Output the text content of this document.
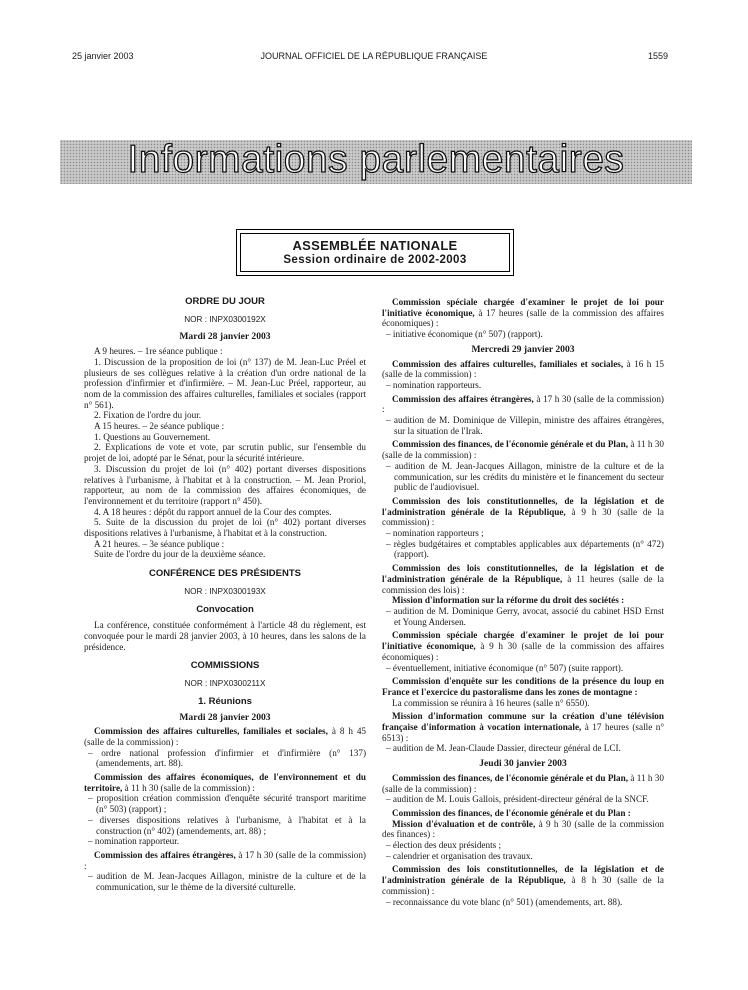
25 janvier 2003	JOURNAL OFFICIEL DE LA RÉPUBLIQUE FRANÇAISE	1559
Informations parlementaires
ASSEMBLÉE NATIONALE
Session ordinaire de 2002-2003
ORDRE DU JOUR
NOR : INPX0300192X
Mardi 28 janvier 2003

A 9 heures. – 1re séance publique :

1. Discussion de la proposition de loi (n° 137) de M. Jean-Luc Préel et plusieurs de ses collègues relative à la création d'un ordre national de la profession d'infirmier et d'infirmière. – M. Jean-Luc Préel, rapporteur, au nom de la commission des affaires culturelles, familiales et sociales (rapport n° 561).

2. Fixation de l'ordre du jour.

A 15 heures. – 2e séance publique :

1. Questions au Gouvernement.

2. Explications de vote et vote, par scrutin public, sur l'ensemble du projet de loi, adopté par le Sénat, pour la sécurité intérieure.

3. Discussion du projet de loi (n° 402) portant diverses dispositions relatives à l'urbanisme, à l'habitat et à la construction. – M. Jean Proriol, rapporteur, au nom de la commission des affaires économiques, de l'environnement et du territoire (rapport n° 450).

4. A 18 heures : dépôt du rapport annuel de la Cour des comptes.

5. Suite de la discussion du projet de loi (n° 402) portant diverses dispositions relatives à l'urbanisme, à l'habitat et à la construction.

A 21 heures. – 3e séance publique :

Suite de l'ordre du jour de la deuxième séance.

CONFÉRENCE DES PRÉSIDENTS
NOR : INPX0300193X
Convocation

La conférence, constituée conformément à l'article 48 du règlement, est convoquée pour le mardi 28 janvier 2003, à 10 heures, dans les salons de la présidence.

COMMISSIONS
NOR : INPX0300211X
1. Réunions
Mardi 28 janvier 2003

Commission des affaires culturelles, familiales et sociales, à 8 h 45 (salle de la commission) :

– ordre national profession d'infirmier et d'infirmière (n° 137) (amendements, art. 88).

Commission des affaires économiques, de l'environnement et du territoire, à 11 h 30 (salle de la commission) :

– proposition création commission d'enquête sécurité transport maritime (n° 503) (rapport) ;

– diverses dispositions relatives à l'urbanisme, à l'habitat et à la construction (n° 402) (amendements, art. 88) ;

– nomination rapporteur.

Commission des affaires étrangères, à 17 h 30 (salle de la commission) :

– audition de M. Jean-Jacques Aillagon, ministre de la culture et de la communication, sur le thème de la diversité culturelle.

Commission spéciale chargée d'examiner le projet de loi pour l'initiative économique, à 17 heures (salle de la commission des affaires économiques) :

– initiative économique (n° 507) (rapport).

Mercredi 29 janvier 2003

Commission des affaires culturelles, familiales et sociales, à 16 h 15 (salle de la commission) :

– nomination rapporteurs.

Commission des affaires étrangères, à 17 h 30 (salle de la commission) :

– audition de M. Dominique de Villepin, ministre des affaires étrangères, sur la situation de l'Irak.

Commission des finances, de l'économie générale et du Plan, à 11 h 30 (salle de la commission) :

– audition de M. Jean-Jacques Aillagon, ministre de la culture et de la communication, sur les crédits du ministère et le financement du secteur public de l'audiovisuel.

Commission des lois constitutionnelles, de la législation et de l'administration générale de la République, à 9 h 30 (salle de la commission) :

– nomination rapporteurs ;

– règles budgétaires et comptables applicables aux départements (n° 472) (rapport).

Commission des lois constitutionnelles, de la législation et de l'administration générale de la République, à 11 heures (salle de la commission des lois) :

Mission d'information sur la réforme du droit des sociétés :

– audition de M. Dominique Gerry, avocat, associé du cabinet HSD Ernst et Young Andersen.

Commission spéciale chargée d'examiner le projet de loi pour l'initiative économique, à 9 h 30 (salle de la commission des affaires économiques) :

– éventuellement, initiative économique (n° 507) (suite rapport).

Commission d'enquête sur les conditions de la présence du loup en France et l'exercice du pastoralisme dans les zones de montagne :

La commission se réunira à 16 heures (salle n° 6550).

Mission d'information commune sur la création d'une télévision française d'information à vocation internationale, à 17 heures (salle n° 6513) :

– audition de M. Jean-Claude Dassier, directeur général de LCI.

Jeudi 30 janvier 2003

Commission des finances, de l'économie générale et du Plan, à 11 h 30 (salle de la commission) :

– audition de M. Louis Gallois, président-directeur général de la SNCF.

Commission des finances, de l'économie générale et du Plan :

Mission d'évaluation et de contrôle, à 9 h 30 (salle de la commission des finances) :

– élection des deux présidents ;

– calendrier et organisation des travaux.

Commission des lois constitutionnelles, de la législation et de l'administration générale de la République, à 8 h 30 (salle de la commission) :

– reconnaissance du vote blanc (n° 501) (amendements, art. 88).
